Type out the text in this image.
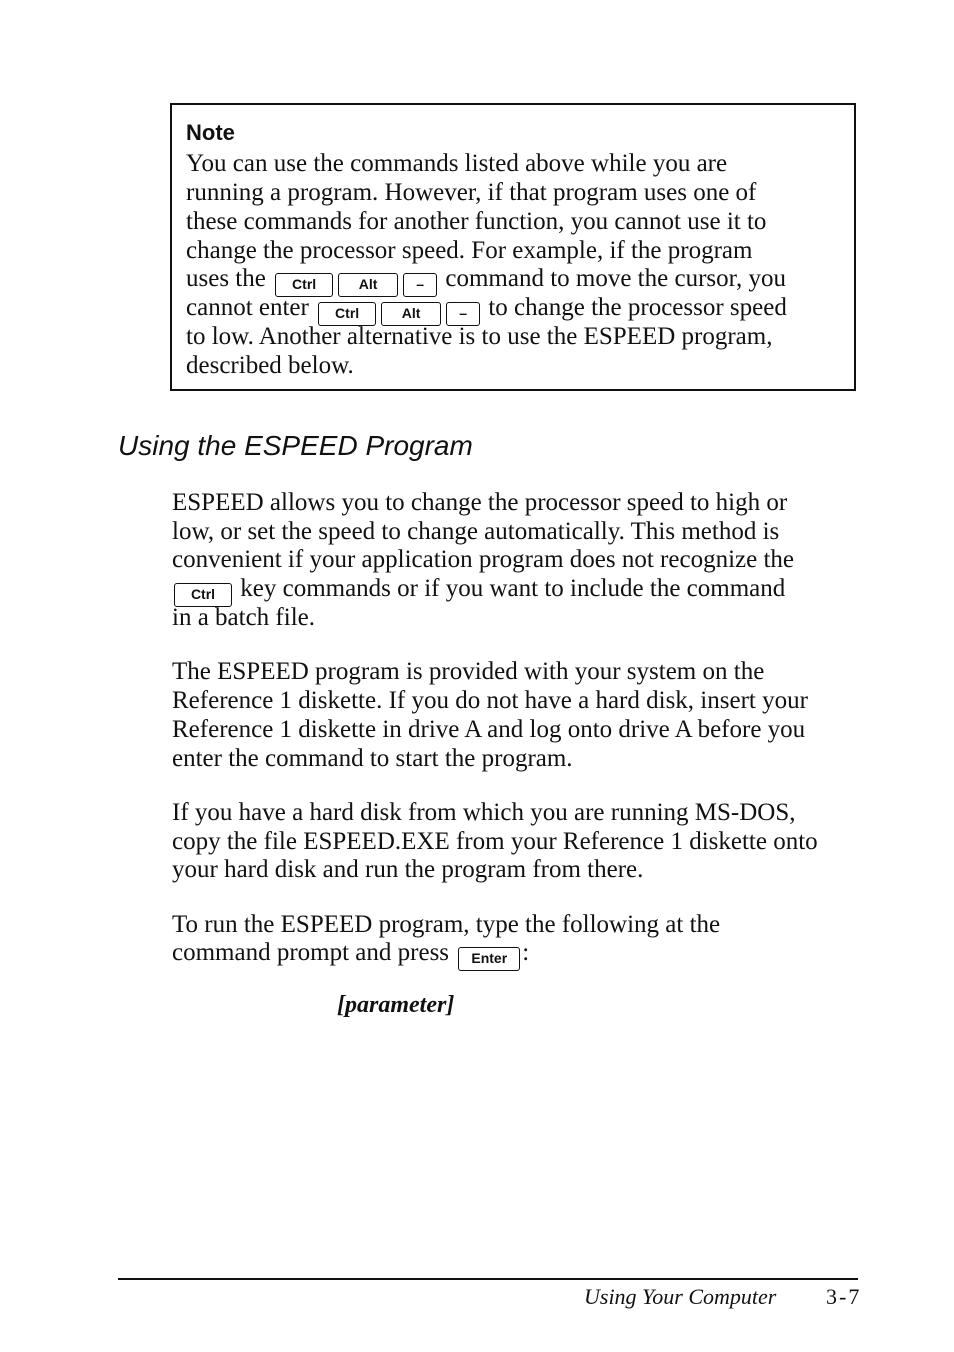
Note
You can use the commands listed above while you are
running a program. However, if that program uses one of
these commands for another function, you cannot use it to
change the processor speed. For example, if the program
uses the Ctrl	Alt	– command to move the cursor, you
cannot enter Ctrl	Alt	– to change the processor speed
to low. Another alternative is to use the ESPEED program,
described below.
Using the ESPEED Program
ESPEED allows you to change the processor speed to high or
low, or set the speed to change automatically. This method is
convenient if your application program does not recognize the
Ctrl key commands or if you want to include the command
in a batch file.
The ESPEED program is provided with your system on the
Reference 1 diskette. If you do not have a hard disk, insert your
Reference 1 diskette in drive A and log onto drive A before you
enter the command to start the program.
If you have a hard disk from which you are running MS-DOS,
copy the file ESPEED.EXE from your Reference 1 diskette onto
your hard disk and run the program from there.
To run the ESPEED program, type the following at the
command prompt and press Enter :
[parameter]
Using Your Computer 3-7
